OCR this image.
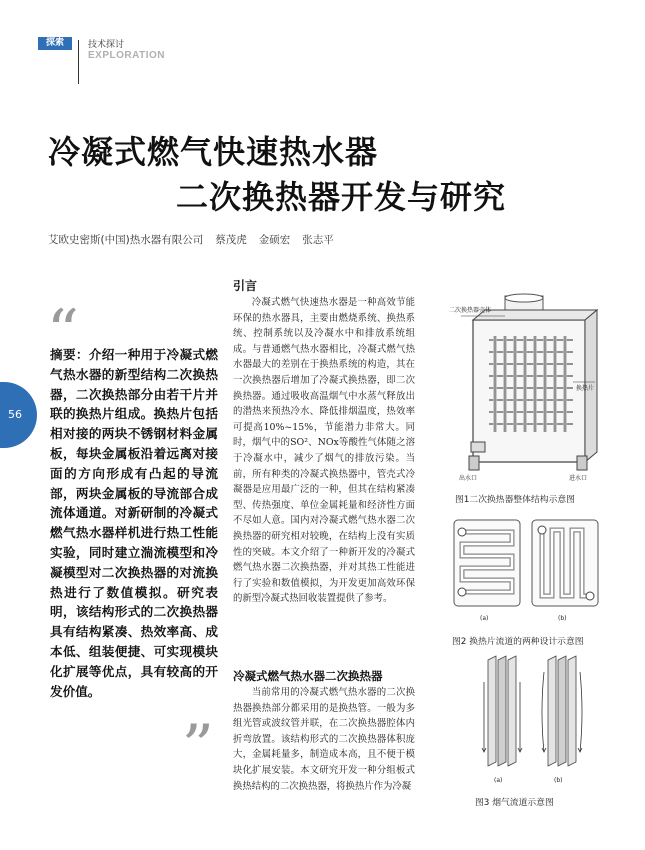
探索	技术探讨
EXPLORATION
冷凝式燃气快速热水器
二次换热器开发与研究
艾欧史密斯(中国)热水器有限公司 蔡茂虎 金硕宏 张志平
56
“
摘要：介绍一种用于冷凝式燃气热水器的新型结构二次换热器，二次换热部分由若干片并联的换热片组成。换热片包括相对接的两块不锈钢材料金属板，每块金属板沿着远离对接面的方向形成有凸起的导流部，两块金属板的导流部合成流体通道。对新研制的冷凝式燃气热水器样机进行热工性能实验，同时建立湍流模型和冷凝模型对二次换热器的对流换热进行了数值模拟。研究表明，该结构形式的二次换热器具有结构紧凑、热效率高、成本低、组装便捷、可实现模块化扩展等优点，具有较高的开发价值。
”
引言

冷凝式燃气快速热水器是一种高效节能环保的热水器具，主要由燃烧系统、换热系统、控制系统以及冷凝水中和排放系统组成。与普通燃气热水器相比，冷凝式燃气热水器最大的差别在于换热系统的构造，其在一次换热器后增加了冷凝式换热器，即二次换热器。通过吸收高温烟气中水蒸气释放出的潜热来预热冷水、降低排烟温度，热效率可提高10%~15%，节能潜力非常大。同时，烟气中的SO²、NOx等酸性气体随之溶于冷凝水中，减少了烟气的排放污染。当前，所有种类的冷凝式换热器中，管壳式冷凝器是应用最广泛的一种，但其在结构紧凑型、传热强度、单位金属耗量和经济性方面不尽如人意。国内对冷凝式燃气热水器二次换热器的研究相对较晚，在结构上没有实质性的突破。本文介绍了一种新开发的冷凝式燃气热水器二次换热器，并对其热工性能进行了实验和数值模拟，为开发更加高效环保的新型冷凝式热回收装置提供了参考。

冷凝式燃气热水器二次换热器

当前常用的冷凝式燃气热水器的二次换热器换热部分都采用的是换热管。一般为多组光管或波纹管并联，在二次换热器腔体内折弯放置。该结构形式的二次换热器体积庞大，金属耗量多，制造成本高，且不便于模块化扩展安装。本文研究开发一种分组板式换热结构的二次换热器，将换热片作为冷凝

二次换热器壳体
换热片
出水口	进水口
图1二次换热器整体结构示意图
(a)	(b)
图2 换热片流道的两种设计示意图
(a)	(b)
图3 烟气流道示意图
